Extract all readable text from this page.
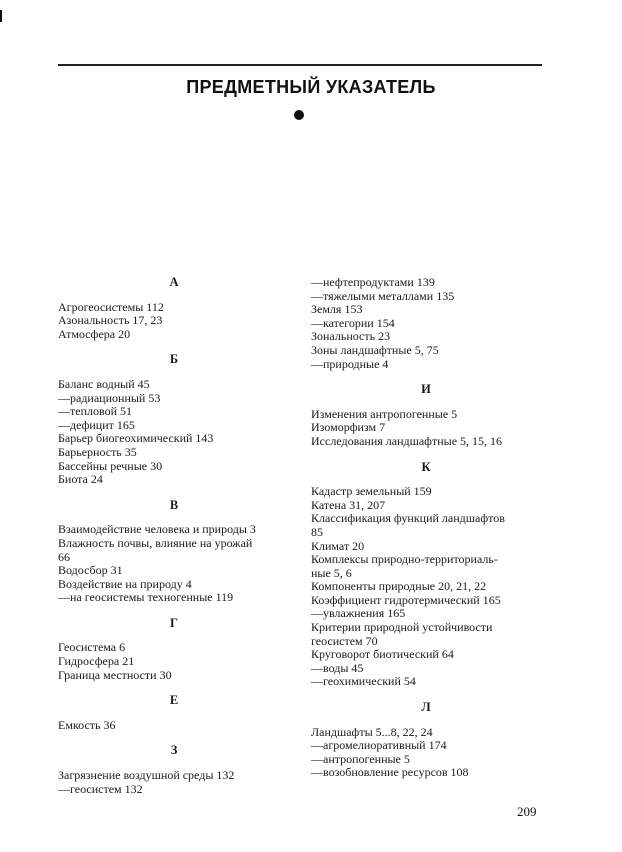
ПРЕДМЕТНЫЙ УКАЗАТЕЛЬ
А
Агрогеосистемы 112
Азональность 17, 23
Атмосфера 20
Б
Баланс водный 45
—радиационный 53
—тепловой 51
—дефицит 165
Барьер биогеохимический 143
Барьерность 35
Бассейны речные 30
Биота 24
В
Взаимодействие человека и природы 3
Влажность почвы, влияние на урожай
66
Водосбор 31
Воздействие на природу 4
—на геосистемы техногенные 119
Г
Геосистема 6
Гидросфера 21
Граница местности 30
Е
Емкость 36
З
Загрязнение воздушной среды 132
—геосистем 132
—нефтепродуктами 139
—тяжелыми металлами 135
Земля 153
—категории 154
Зональность 23
Зоны ландшафтные 5, 75
—природные 4
И
Изменения антропогенные 5
Изоморфизм 7
Исследования ландшафтные 5, 15, 16
К
Кадастр земельный 159
Катена 31, 207
Классификация функций ландшафтов
85
Климат 20
Комплексы природно-территориаль-
ные 5, 6
Компоненты природные 20, 21, 22
Коэффициент гидротермический 165
—увлажнения 165
Критерии природной устойчивости
геосистем 70
Круговорот биотический 64
—воды 45
—геохимический 54
Л
Ландшафты 5...8, 22, 24
—агромелиоративный 174
—антропогенные 5
—возобновление ресурсов 108
209
